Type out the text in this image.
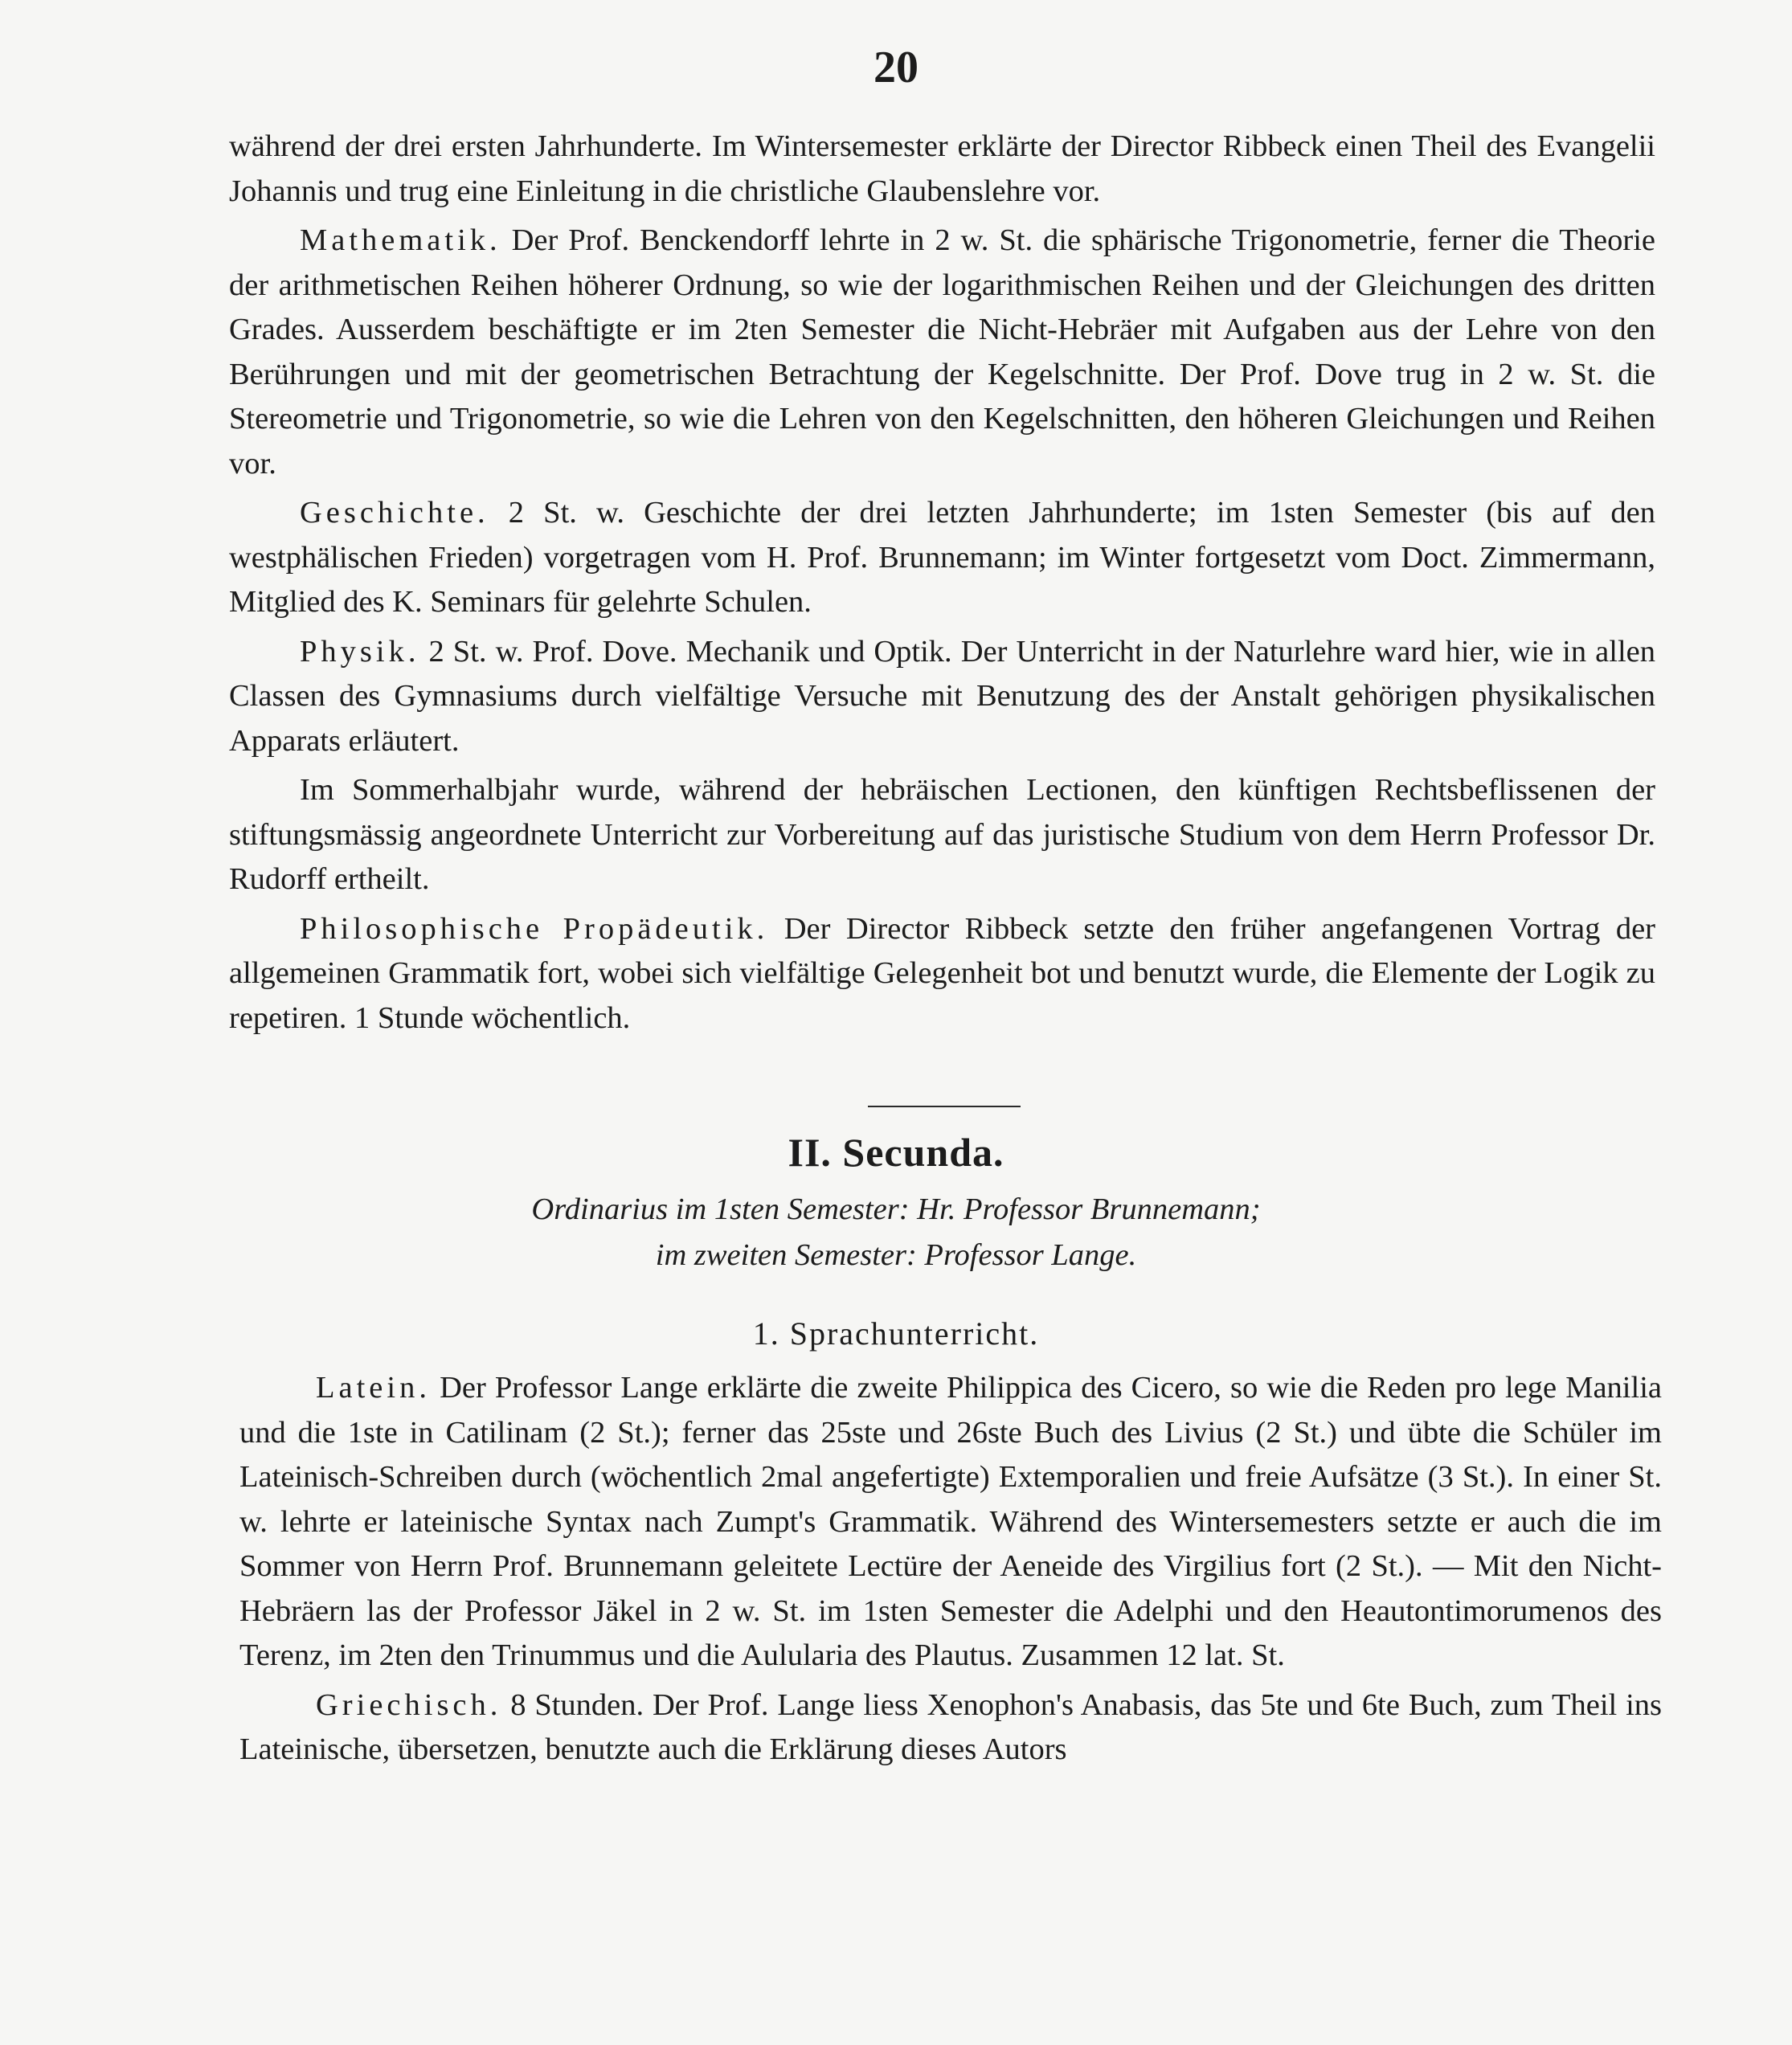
20

während der drei ersten Jahrhunderte. Im Wintersemester erklärte der Director Ribbeck einen Theil des Evangelii Johannis und trug eine Einleitung in die christliche Glaubenslehre vor.

Mathematik. Der Prof. Benckendorff lehrte in 2 w. St. die sphärische Trigonometrie, ferner die Theorie der arithmetischen Reihen höherer Ordnung, so wie der logarithmischen Reihen und der Gleichungen des dritten Grades. Ausserdem beschäftigte er im 2ten Semester die Nicht-Hebräer mit Aufgaben aus der Lehre von den Berührungen und mit der geometrischen Betrachtung der Kegelschnitte. Der Prof. Dove trug in 2 w. St. die Stereometrie und Trigonometrie, so wie die Lehren von den Kegelschnitten, den höheren Gleichungen und Reihen vor.

Geschichte. 2 St. w. Geschichte der drei letzten Jahrhunderte; im 1sten Semester (bis auf den westphälischen Frieden) vorgetragen vom H. Prof. Brunnemann; im Winter fortgesetzt vom Doct. Zimmermann, Mitglied des K. Seminars für gelehrte Schulen.

Physik. 2 St. w. Prof. Dove. Mechanik und Optik. Der Unterricht in der Naturlehre ward hier, wie in allen Classen des Gymnasiums durch vielfältige Versuche mit Benutzung des der Anstalt gehörigen physikalischen Apparats erläutert.

Im Sommerhalbjahr wurde, während der hebräischen Lectionen, den künftigen Rechtsbeflissenen der stiftungsmässig angeordnete Unterricht zur Vorbereitung auf das juristische Studium von dem Herrn Professor Dr. Rudorff ertheilt.

Philosophische Propädeutik. Der Director Ribbeck setzte den früher angefangenen Vortrag der allgemeinen Grammatik fort, wobei sich vielfältige Gelegenheit bot und benutzt wurde, die Elemente der Logik zu repetiren. 1 Stunde wöchentlich.

II. Secunda.
Ordinarius im 1sten Semester: Hr. Professor Brunnemann;
im zweiten Semester: Professor Lange.
1. Sprachunterricht.

Latein. Der Professor Lange erklärte die zweite Philippica des Cicero, so wie die Reden pro lege Manilia und die 1ste in Catilinam (2 St.); ferner das 25ste und 26ste Buch des Livius (2 St.) und übte die Schüler im Lateinisch-Schreiben durch (wöchentlich 2mal angefertigte) Extemporalien und freie Aufsätze (3 St.). In einer St. w. lehrte er lateinische Syntax nach Zumpt's Grammatik. Während des Wintersemesters setzte er auch die im Sommer von Herrn Prof. Brunnemann geleitete Lectüre der Aeneide des Virgilius fort (2 St.). — Mit den Nicht-Hebräern las der Professor Jäkel in 2 w. St. im 1sten Semester die Adelphi und den Heautontimorumenos des Terenz, im 2ten den Trinummus und die Aulularia des Plautus. Zusammen 12 lat. St.

Griechisch. 8 Stunden. Der Prof. Lange liess Xenophon's Anabasis, das 5te und 6te Buch, zum Theil ins Lateinische, übersetzen, benutzte auch die Erklärung dieses Autors
